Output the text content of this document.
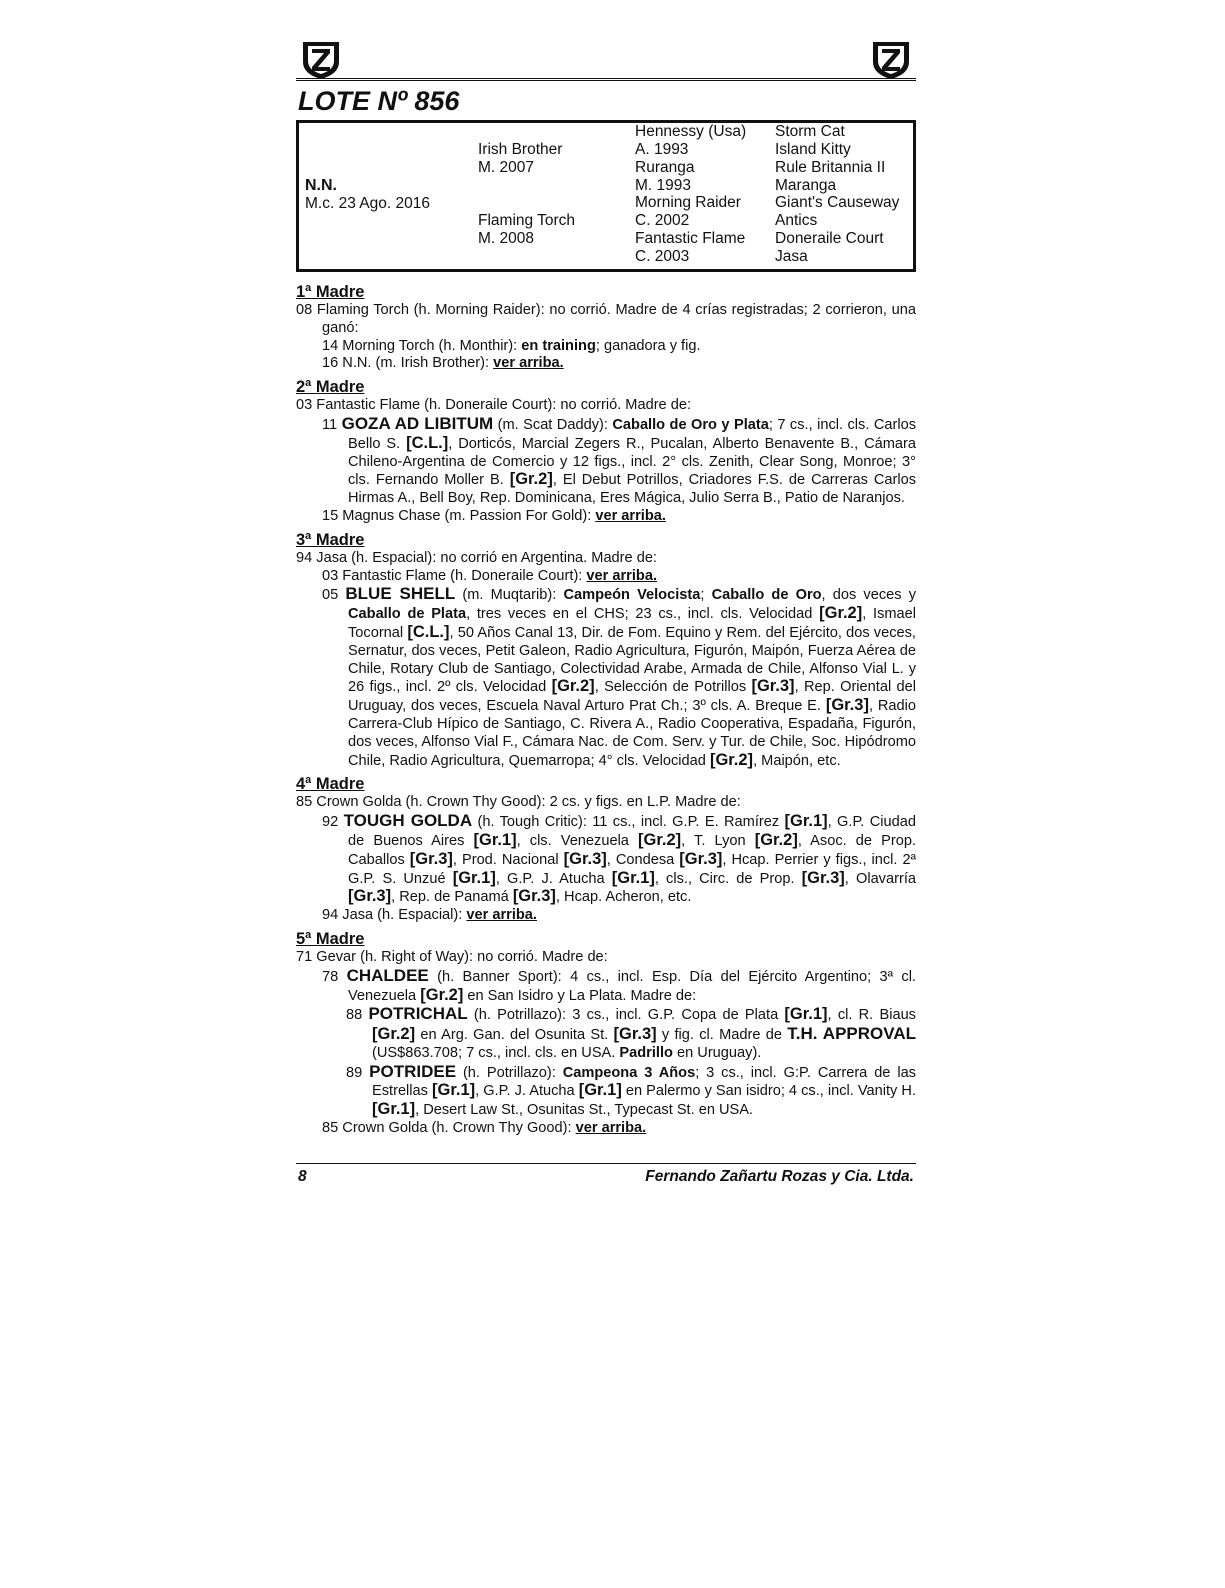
LOTE Nº 856
N.N.
M.c. 23 Ago. 2016
Irish Brother
M. 2007
Flaming Torch
M. 2008
Hennessy (Usa)
A. 1993
Ruranga
M. 1993
Morning Raider
C. 2002
Fantastic Flame
C. 2003
Storm Cat
Island Kitty
Rule Britannia II
Maranga
Giant's Causeway
Antics
Doneraile Court
Jasa
1ª Madre
08 Flaming Torch (h. Morning Raider): no corrió. Madre de 4 crías registradas; 2 corrieron, una ganó:
14 Morning Torch (h. Monthir): en training; ganadora y fig.
16 N.N. (m. Irish Brother): ver arriba.
2ª Madre
03 Fantastic Flame (h. Doneraile Court): no corrió. Madre de:
11 GOZA AD LIBITUM (m. Scat Daddy): Caballo de Oro y Plata; 7 cs., incl. cls. Carlos Bello S. [C.L.], Dorticós, Marcial Zegers R., Pucalan, Alberto Benavente B., Cámara Chileno-Argentina de Comercio y 12 figs., incl. 2° cls. Zenith, Clear Song, Monroe; 3° cls. Fernando Moller B. [Gr.2], El Debut Potrillos, Criadores F.S. de Carreras Carlos Hirmas A., Bell Boy, Rep. Dominicana, Eres Mágica, Julio Serra B., Patio de Naranjos.
15 Magnus Chase (m. Passion For Gold): ver arriba.
3ª Madre
94 Jasa (h. Espacial): no corrió en Argentina. Madre de:
03 Fantastic Flame (h. Doneraile Court): ver arriba.
05 BLUE SHELL (m. Muqtarib): Campeón Velocista; Caballo de Oro, dos veces y Caballo de Plata, tres veces en el CHS; 23 cs., incl. cls. Velocidad [Gr.2], Ismael Tocornal [C.L.], 50 Años Canal 13, Dir. de Fom. Equino y Rem. del Ejército, dos veces, Sernatur, dos veces, Petit Galeon, Radio Agricultura, Figurón, Maipón, Fuerza Aérea de Chile, Rotary Club de Santiago, Colectividad Arabe, Armada de Chile, Alfonso Vial L. y 26 figs., incl. 2º cls. Velocidad [Gr.2], Selección de Potrillos [Gr.3], Rep. Oriental del Uruguay, dos veces, Escuela Naval Arturo Prat Ch.; 3º cls. A. Breque E. [Gr.3], Radio Carrera-Club Hípico de Santiago, C. Rivera A., Radio Cooperativa, Espadaña, Figurón, dos veces, Alfonso Vial F., Cámara Nac. de Com. Serv. y Tur. de Chile, Soc. Hipódromo Chile, Radio Agricultura, Quemarropa; 4° cls. Velocidad [Gr.2], Maipón, etc.
4ª Madre
85 Crown Golda (h. Crown Thy Good): 2 cs. y figs. en L.P. Madre de:
92 TOUGH GOLDA (h. Tough Critic): 11 cs., incl. G.P. E. Ramírez [Gr.1], G.P. Ciudad de Buenos Aires [Gr.1], cls. Venezuela [Gr.2], T. Lyon [Gr.2], Asoc. de Prop. Caballos [Gr.3], Prod. Nacional [Gr.3], Condesa [Gr.3], Hcap. Perrier y figs., incl. 2ª G.P. S. Unzué [Gr.1], G.P. J. Atucha [Gr.1], cls., Circ. de Prop. [Gr.3], Olavarría [Gr.3], Rep. de Panamá [Gr.3], Hcap. Acheron, etc.
94 Jasa (h. Espacial): ver arriba.
5ª Madre
71 Gevar (h. Right of Way): no corrió. Madre de:
78 CHALDEE (h. Banner Sport): 4 cs., incl. Esp. Día del Ejército Argentino; 3ª cl. Venezuela [Gr.2] en San Isidro y La Plata. Madre de:
88 POTRICHAL (h. Potrillazo): 3 cs., incl. G.P. Copa de Plata [Gr.1], cl. R. Biaus [Gr.2] en Arg. Gan. del Osunita St. [Gr.3] y fig. cl. Madre de T.H. APPROVAL (US$863.708; 7 cs., incl. cls. en USA. Padrillo en Uruguay).
89 POTRIDEE (h. Potrillazo): Campeona 3 Años; 3 cs., incl. G:P. Carrera de las Estrellas [Gr.1], G.P. J. Atucha [Gr.1] en Palermo y San isidro; 4 cs., incl. Vanity H. [Gr.1], Desert Law St., Osunitas St., Typecast St. en USA.
85 Crown Golda (h. Crown Thy Good): ver arriba.
8	Fernando Zañartu Rozas y Cia. Ltda.
